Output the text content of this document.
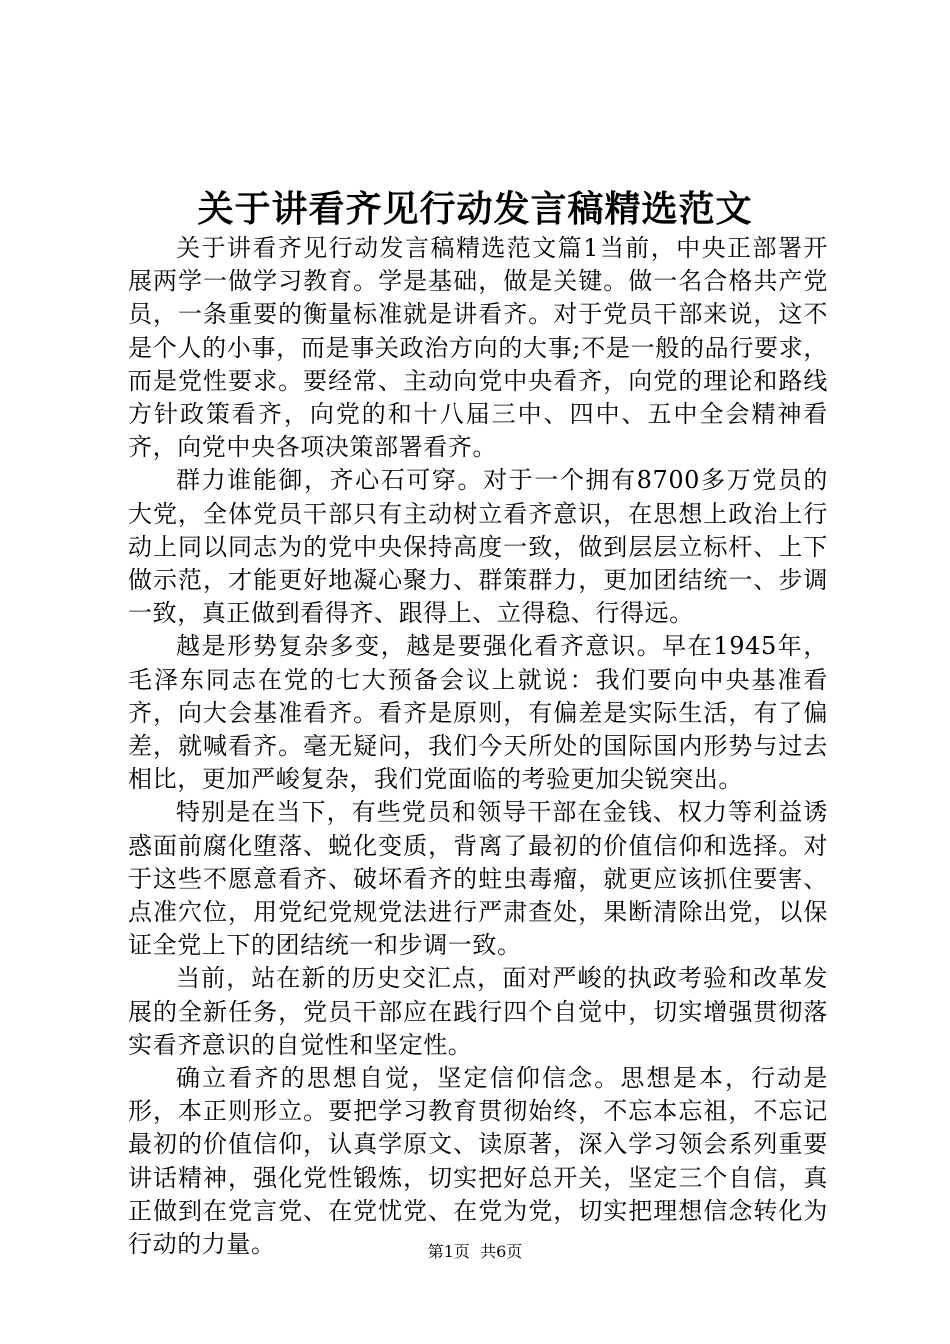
关于讲看齐见行动发言稿精选范文

关于讲看齐见行动发言稿精选范文篇1当前，中央正部署开展两学一做学习教育。学是基础，做是关键。做一名合格共产党员，一条重要的衡量标准就是讲看齐。对于党员干部来说，这不是个人的小事，而是事关政治方向的大事;不是一般的品行要求，而是党性要求。要经常、主动向党中央看齐，向党的理论和路线方针政策看齐，向党的和十八届三中、四中、五中全会精神看齐，向党中央各项决策部署看齐。

群力谁能御，齐心石可穿。对于一个拥有8700多万党员的大党，全体党员干部只有主动树立看齐意识，在思想上政治上行动上同以同志为的党中央保持高度一致，做到层层立标杆、上下做示范，才能更好地凝心聚力、群策群力，更加团结统一、步调一致，真正做到看得齐、跟得上、立得稳、行得远。

越是形势复杂多变，越是要强化看齐意识。早在1945年，毛泽东同志在党的七大预备会议上就说：我们要向中央基准看齐，向大会基准看齐。看齐是原则，有偏差是实际生活，有了偏差，就喊看齐。毫无疑问，我们今天所处的国际国内形势与过去相比，更加严峻复杂，我们党面临的考验更加尖锐突出。

特别是在当下，有些党员和领导干部在金钱、权力等利益诱惑面前腐化堕落、蜕化变质，背离了最初的价值信仰和选择。对于这些不愿意看齐、破坏看齐的蛀虫毒瘤，就更应该抓住要害、点准穴位，用党纪党规党法进行严肃查处，果断清除出党，以保证全党上下的团结统一和步调一致。

当前，站在新的历史交汇点，面对严峻的执政考验和改革发展的全新任务，党员干部应在践行四个自觉中，切实增强贯彻落实看齐意识的自觉性和坚定性。

确立看齐的思想自觉，坚定信仰信念。思想是本，行动是形，本正则形立。要把学习教育贯彻始终，不忘本忘祖，不忘记最初的价值信仰，认真学原文、读原著，深入学习领会系列重要讲话精神，强化党性锻炼，切实把好总开关，坚定三个自信，真正做到在党言党、在党忧党、在党为党，切实把理想信念转化为行动的力量。	第1页 共6页
